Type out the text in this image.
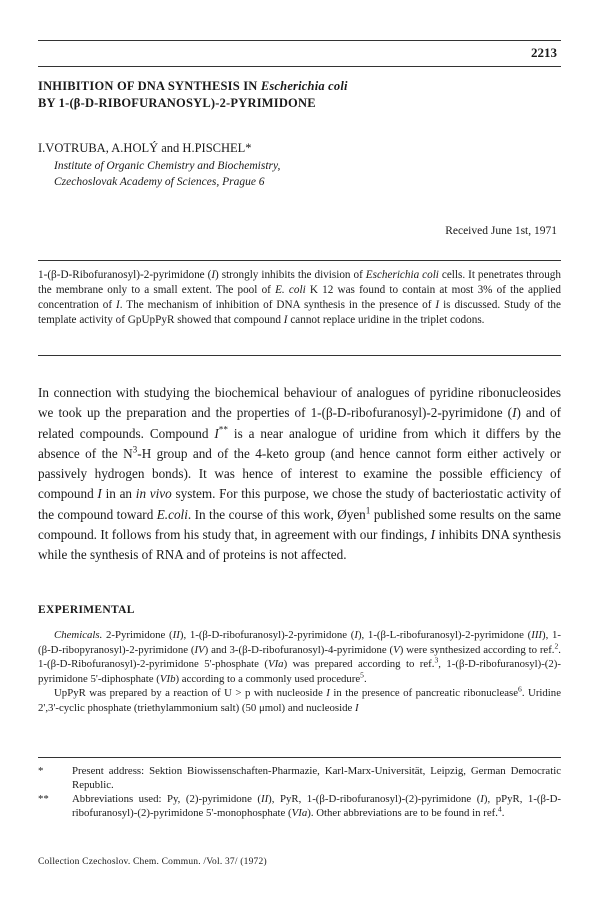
2213
INHIBITION OF DNA SYNTHESIS IN Escherichia coli
BY 1-(β-D-RIBOFURANOSYL)-2-PYRIMIDONE
I.VOTRUBA, A.HOLÝ and H.PISCHEL*
Institute of Organic Chemistry and Biochemistry,
Czechoslovak Academy of Sciences, Prague 6
Received June 1st, 1971
1-(β-D-Ribofuranosyl)-2-pyrimidone (I) strongly inhibits the division of Escherichia coli cells. It penetrates through the membrane only to a small extent. The pool of E. coli K 12 was found to contain at most 3% of the applied concentration of I. The mechanism of inhibition of DNA synthesis in the presence of I is discussed. Study of the template activity of GpUpPyR showed that compound I cannot replace uridine in the triplet codons.
In connection with studying the biochemical behaviour of analogues of pyridine ribonucleosides we took up the preparation and the properties of 1-(β-D-ribofuranosyl)-2-pyrimidone (I) and of related compounds. Compound I** is a near analogue of uridine from which it differs by the absence of the $N^3-H$ group and of the 4-keto group (and hence cannot form either actively or passively hydrogen bonds). It was hence of interest to examine the possible efficiency of compound I in an in vivo system. For this purpose, we chose the study of bacteriostatic activity of the compound toward E.coli. In the course of this work, Øyen$^1$ published some results on the same compound. It follows from his study that, in agreement with our findings, I inhibits DNA synthesis while the synthesis of RNA and of proteins is not affected.
EXPERIMENTAL
Chemicals. 2-Pyrimidone (II), 1-(β-D-ribofuranosyl)-2-pyrimidone (I), 1-(β-L-ribofuranosyl)-2-pyrimidone (III), 1-(β-D-ribopyranosyl)-2-pyrimidone (IV) and 3-(β-D-ribofuranosyl)-4-pyrimidone (V) were synthesized according to ref.$^2$. 1-(β-D-Ribofuranosyl)-2-pyrimidone 5'-phosphate (VIa) was prepared according to ref.$^3$, 1-(β-D-ribofuranosyl)-(2)-pyrimidone 5'-diphosphate (VIb) according to a commonly used procedure$^5$.
UpPyR was prepared by a reaction of U > p with nucleoside I in the presence of pancreatic ribonuclease$^6$. Uridine 2',3'-cyclic phosphate (triethylammonium salt) (50 μmol) and nucleoside I
*	Present address: Sektion Biowissenschaften-Pharmazie, Karl-Marx-Universität, Leipzig, German Democratic Republic.
**	Abbreviations used: Py, (2)-pyrimidone (II), PyR, 1-(β-D-ribofuranosyl)-(2)-pyrimidone (I), pPyR, 1-(β-D-ribofuranosyl)-(2)-pyrimidone 5'-monophosphate (VIa). Other abbreviations are to be found in ref.$^4$.
Collection Czechoslov. Chem. Commun. /Vol. 37/ (1972)
